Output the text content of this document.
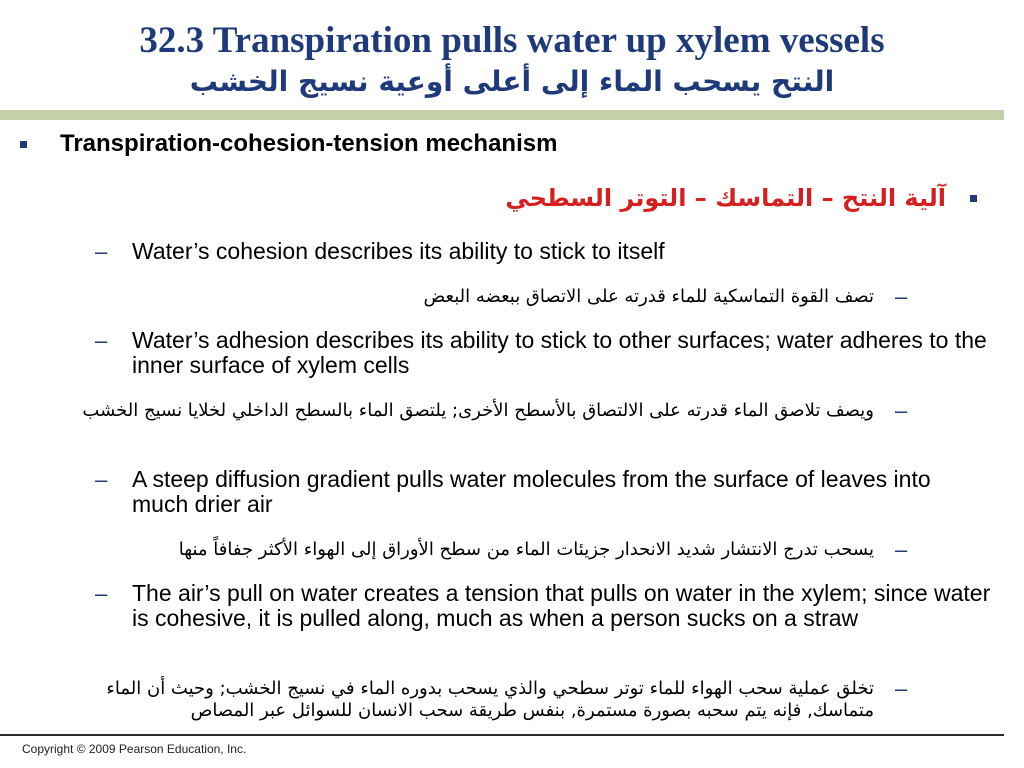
32.3 Transpiration pulls water up xylem vessels
النتح يسحب الماء إلى أعلى أوعية نسيج الخشب
Transpiration-cohesion-tension mechanism
آلية النتح – التماسك – التوتر السطحي
– Water’s cohesion describes its ability to stick to itself
–
تصف القوة التماسكية للماء قدرته على الاتصاق ببعضه البعض
– Water’s adhesion describes its ability to stick to other surfaces; water adheres to the inner surface of xylem cells
–
ويصف تلاصق الماء قدرته على الالتصاق بالأسطح الأخرى; يلتصق الماء بالسطح الداخلي لخلايا نسيج الخشب
– A steep diffusion gradient pulls water molecules from the surface of leaves into much drier air
–
يسحب تدرج الانتشار شديد الانحدار جزيئات الماء من سطح الأوراق إلى الهواء الأكثر جفافاً منها
– The air’s pull on water creates a tension that pulls on water in the xylem; since water is cohesive, it is pulled along, much as when a person sucks on a straw
–
تخلق عملية سحب الهواء للماء توتر سطحي والذي يسحب بدوره الماء في نسيج الخشب; وحيث أن الماء متماسك, فإنه يتم سحبه بصورة مستمرة, بنفس طريقة سحب الانسان للسوائل عبر المصاص
Copyright © 2009 Pearson Education, Inc.
